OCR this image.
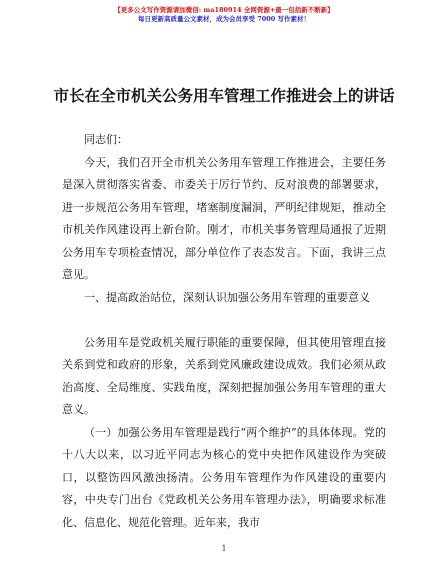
【更多公文写作资源请加微信: ma180914 全网资源+最一包括新不断新】
每日更新高质量公文素材，成为会员享受 7000 写作素材！
市长在全市机关公务用车管理工作推进会上的讲话
同志们：

今天，我们召开全市机关公务用车管理工作推进会，主要任务是深入贯彻落实省委、市委关于厉行节约、反对浪费的部署要求，进一步规范公务用车管理，堵塞制度漏洞，严明纪律规矩，推动全市机关作风建设再上新台阶。刚才，市机关事务管理局通报了近期公务用车专项检查情况，部分单位作了表态发言。下面，我讲三点意见。

一、提高政治站位，深刻认识加强公务用车管理的重要意义

公务用车是党政机关履行职能的重要保障，但其使用管理直接关系到党和政府的形象，关系到党风廉政建设成效。我们必须从政治高度、全局维度、实践角度，深刻把握加强公务用车管理的重大意义。

（一）加强公务用车管理是践行“两个维护”的具体体现。党的十八大以来，以习近平同志为核心的党中央把作风建设作为突破口，以整饬四风激浊扬清。公务用车管理作为作风建设的重要内容，中央专门出台《党政机关公务用车管理办法》，明确要求标准化、信息化、规范化管理。近年来，我市

1
